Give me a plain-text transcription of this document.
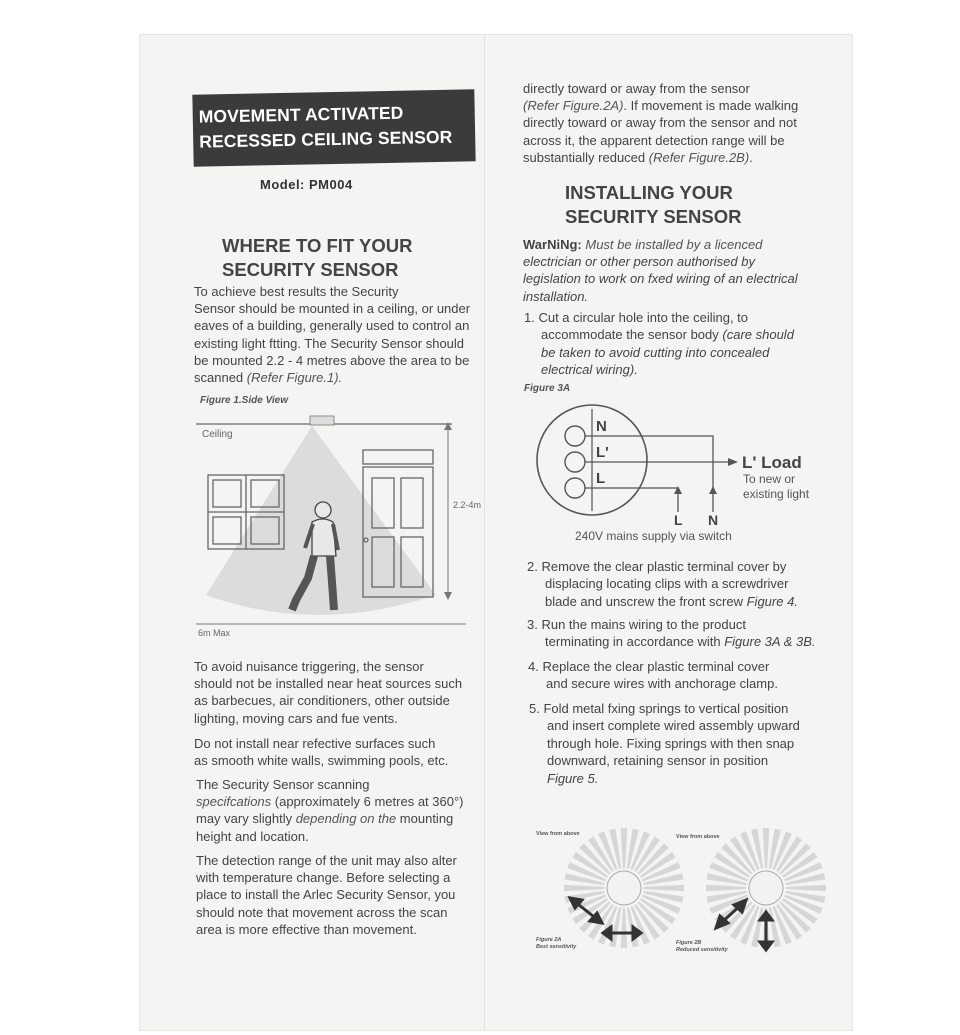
MOVEMENT ACTIVATED
RECESSED CEILING SENSOR
Model: PM004
WHERE TO FIT YOUR
SECURITY SENSOR
To achieve best results the Security
Sensor should be mounted in a ceiling, or under
eaves of a building, generally used to control an
existing light ftting. The Security Sensor should
be mounted 2.2 - 4 metres above the area to be
scanned (Refer Figure.1).
Figure 1.Side View
2.2-4m
Ceiling
6m Max
To avoid nuisance triggering, the sensor
should not be installed near heat sources such
as barbecues, air conditioners, other outside
lighting, moving cars and fue vents.
Do not install near refective surfaces such
as smooth white walls, swimming pools, etc.
The Security Sensor scanning
specifcations (approximately 6 metres at 360°)
may vary slightly depending on the mounting
height and location.
The detection range of the unit may also alter
with temperature change. Before selecting a
place to install the Arlec Security Sensor, you
should note that movement across the scan
area is more effective than movement.
directly toward or away from the sensor
(Refer Figure.2A). If movement is made walking
directly toward or away from the sensor and not
across it, the apparent detection range will be
substantially reduced (Refer Figure.2B).
INSTALLING YOUR
SECURITY SENSOR
WarNiNg: Must be installed by a licenced
electrician or other person authorised by
legislation to work on fxed wiring of an electrical
installation.
1. Cut a circular hole into the ceiling, to
accommodate the sensor body (care should
be taken to avoid cutting into concealed
electrical wiring).
Figure 3A
N
L'
L
L' Load
To new or
existing light
L N
240V mains supply via switch
2. Remove the clear plastic terminal cover by
displacing locating clips with a screwdriver
blade and unscrew the front screw Figure 4.
3. Run the mains wiring to the product
terminating in accordance with Figure 3A & 3B.
4. Replace the clear plastic terminal cover
and secure wires with anchorage clamp.
5. Fold metal fxing springs to vertical position
and insert complete wired assembly upward
through hole. Fixing springs with then snap
downward, retaining sensor in position
Figure 5.
View from above	View from above
Figure 2A
Best sensitivity
Figure 2B
Reduced sensitivity
